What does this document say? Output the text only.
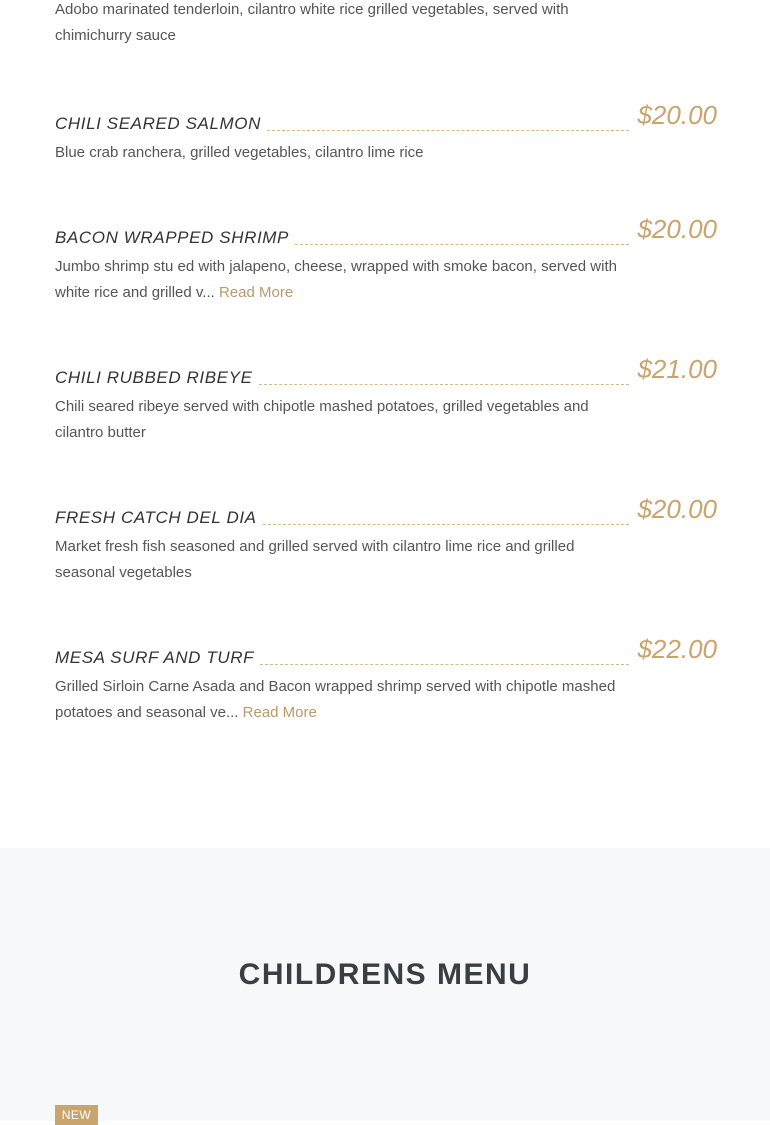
Adobo marinated tenderloin, cilantro white rice grilled vegetables, served with chimichurry sauce

CHILI SEARED SALMON	$20.00

Blue crab ranchera, grilled vegetables, cilantro lime rice

BACON WRAPPED SHRIMP	$20.00

Jumbo shrimp stu ed with jalapeno, cheese, wrapped with smoke bacon, served with white rice and grilled v... Read More

CHILI RUBBED RIBEYE	$21.00

Chili seared ribeye served with chipotle mashed potatoes, grilled vegetables and cilantro butter

FRESH CATCH DEL DIA	$20.00

Market fresh fish seasoned and grilled served with cilantro lime rice and grilled seasonal vegetables

MESA SURF AND TURF	$22.00

Grilled Sirloin Carne Asada and Bacon wrapped shrimp served with chipotle mashed potatoes and seasonal ve... Read More

CHILDRENS MENU
NEW
